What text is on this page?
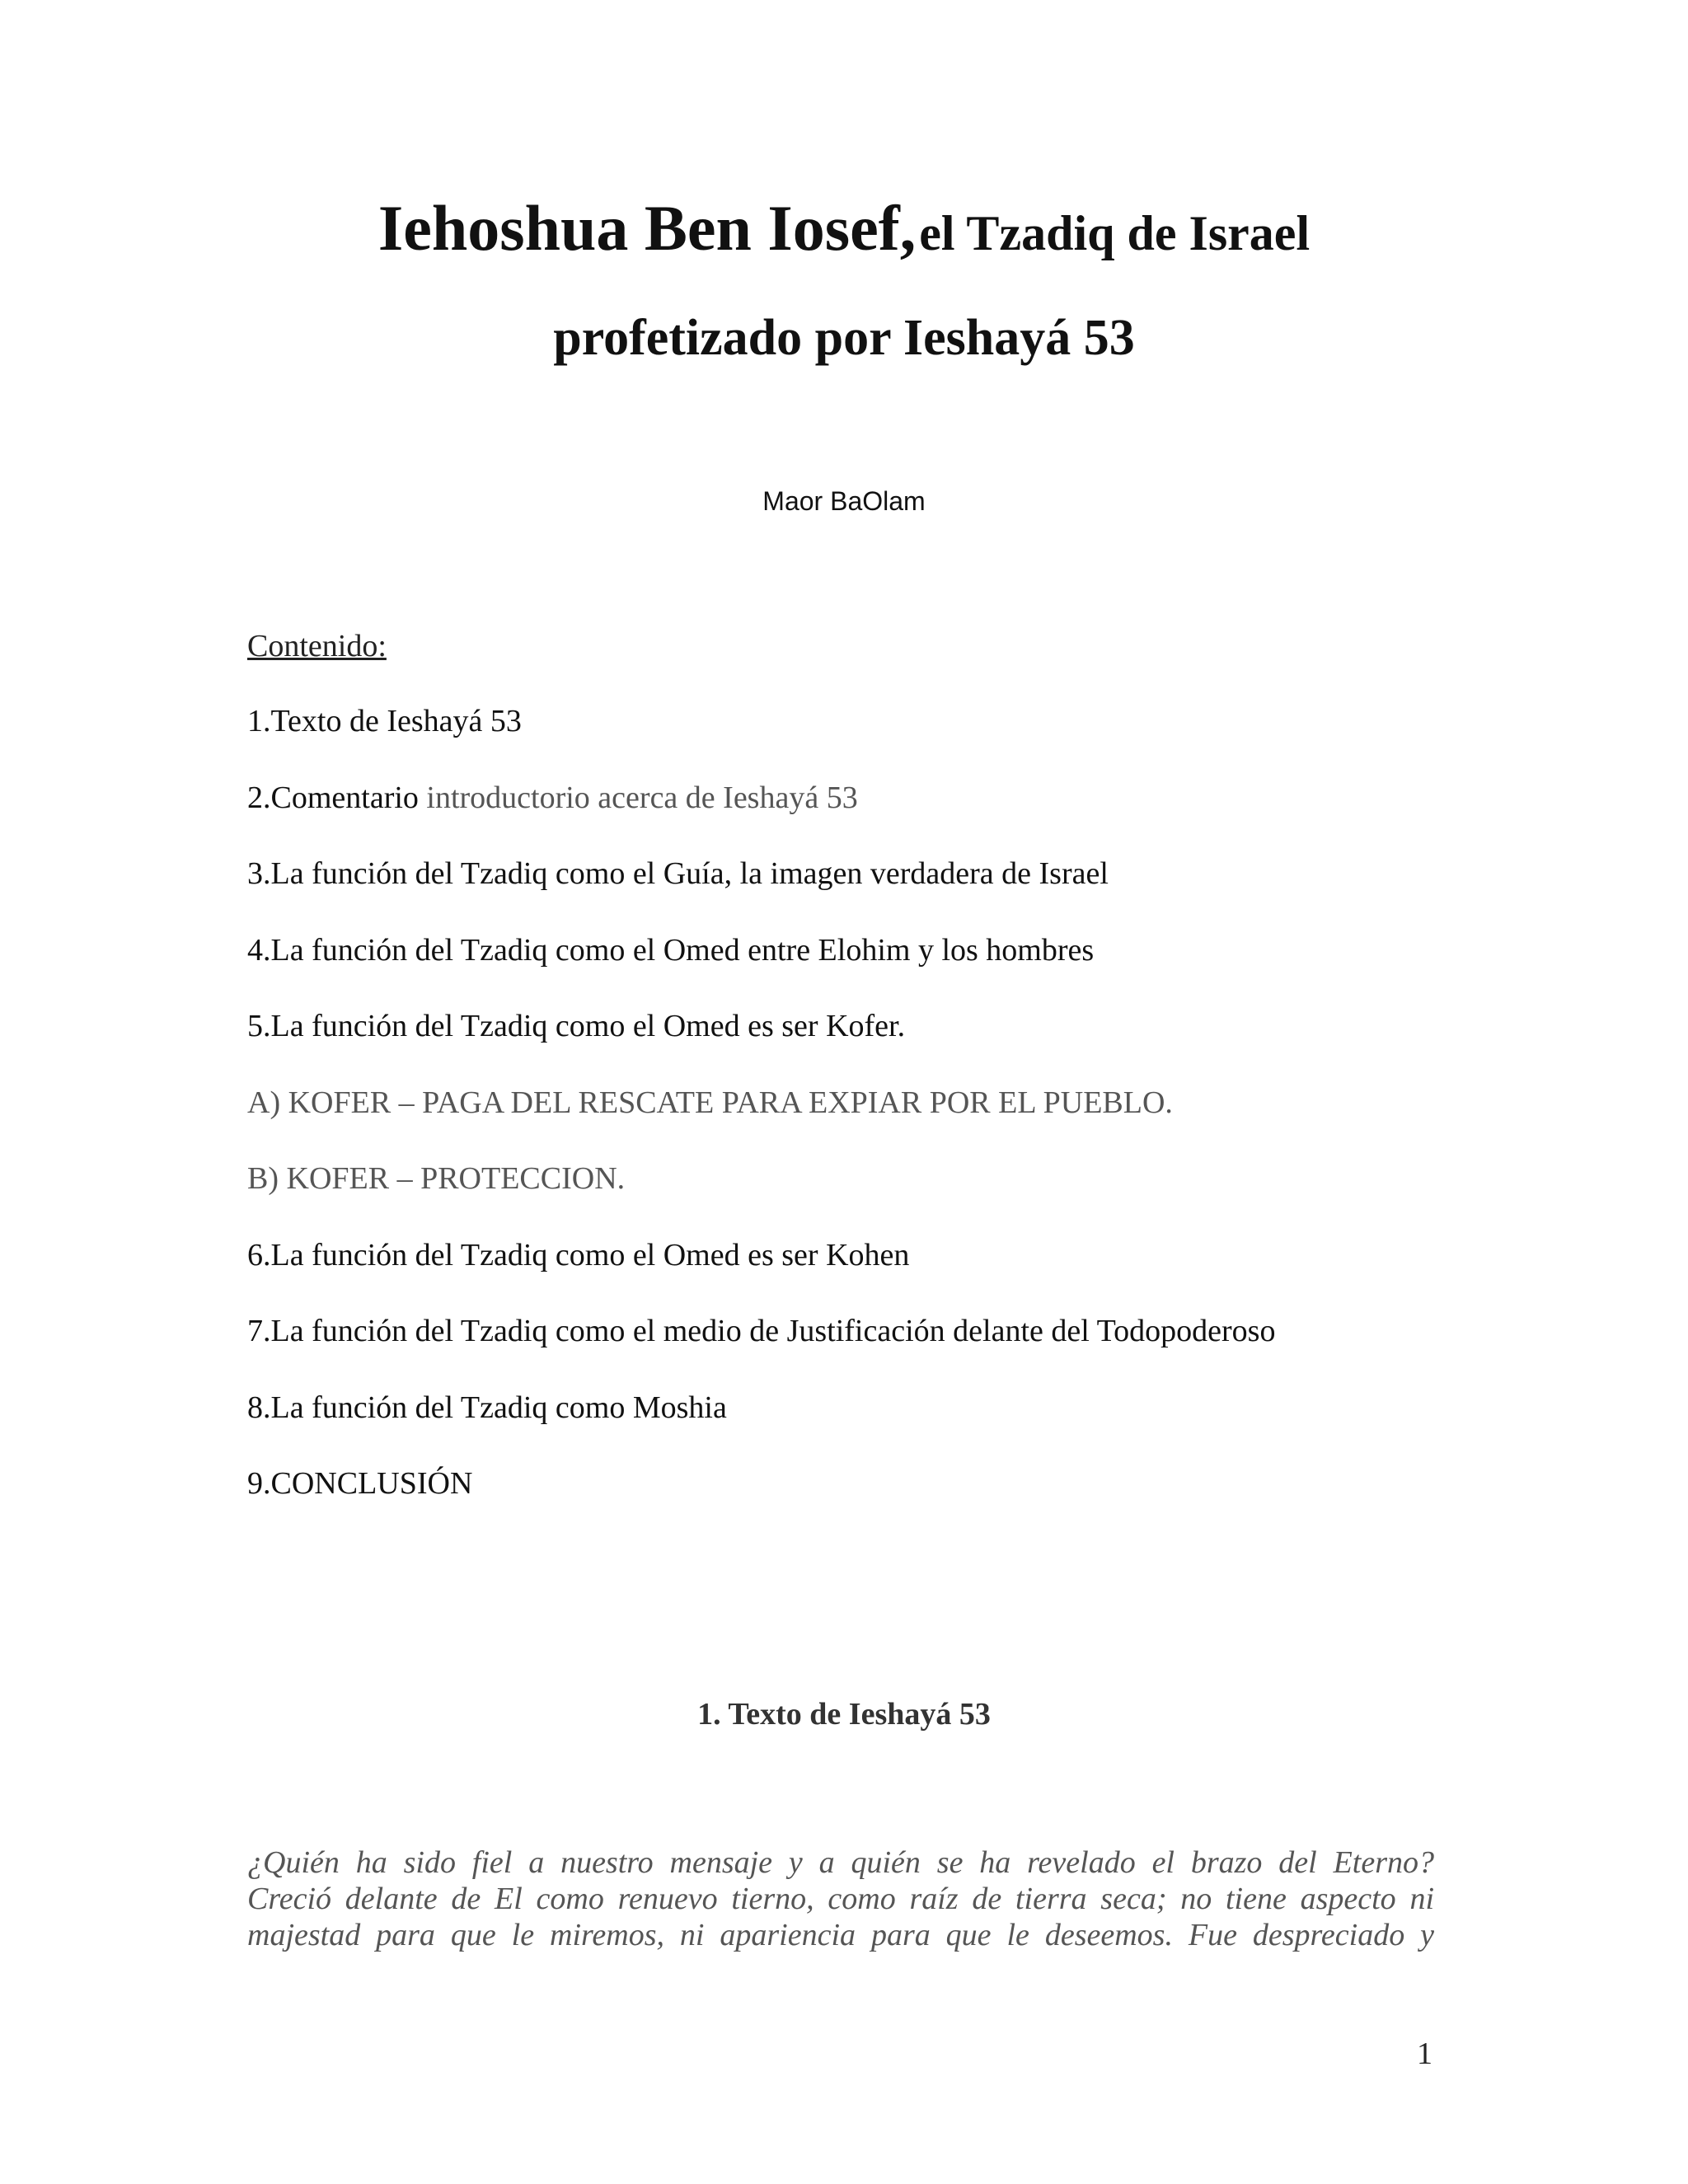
Iehoshua Ben Iosef, el Tzadiq de Israel
profetizado por Ieshayá 53
Maor BaOlam
Contenido:
1.Texto de Ieshayá 53
2.Comentario introductorio acerca de Ieshayá 53
3.La función del Tzadiq como el Guía, la imagen verdadera de Israel
4.La función del Tzadiq como el Omed entre Elohim y los hombres
5.La función del Tzadiq como el Omed es ser Kofer.
A) KOFER – PAGA DEL RESCATE PARA EXPIAR POR EL PUEBLO.
B) KOFER – PROTECCION.
6.La función del Tzadiq como el Omed es ser Kohen
7.La función del Tzadiq como el medio de Justificación delante del Todopoderoso
8.La función del Tzadiq como Moshia
9.CONCLUSIÓN
1. Texto de Ieshayá 53
¿Quién ha sido fiel a nuestro mensaje y a quién se ha revelado el brazo del Eterno?
Creció delante de El como renuevo tierno, como raíz de tierra seca; no tiene aspecto ni
majestad para que le miremos, ni apariencia para que le deseemos. Fue despreciado y
1
